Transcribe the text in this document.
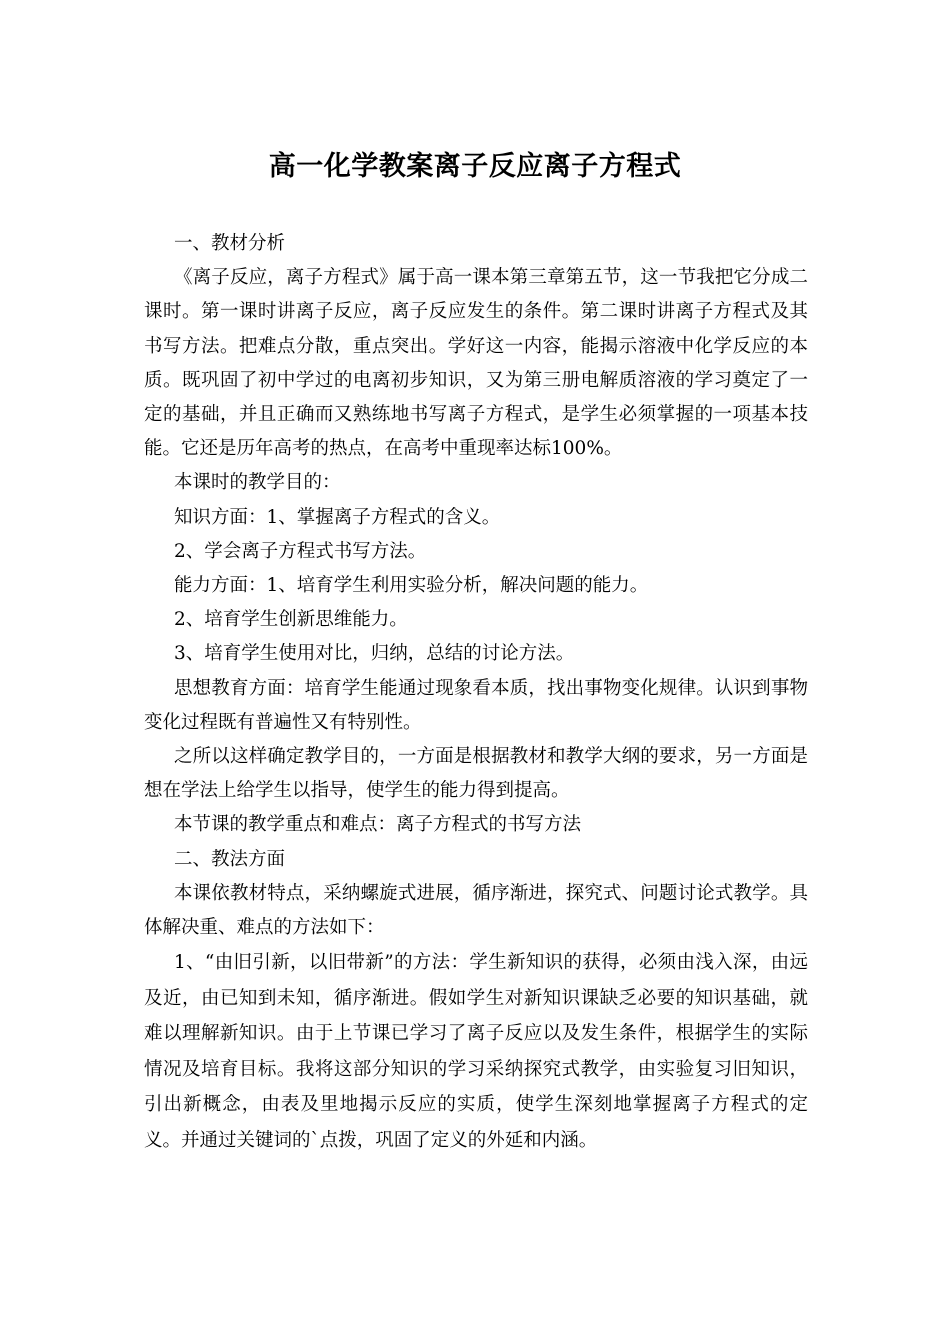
高一化学教案离子反应离子方程式

一、教材分析

《离子反应，离子方程式》属于高一课本第三章第五节，这一节我把它分成二课时。第一课时讲离子反应，离子反应发生的条件。第二课时讲离子方程式及其书写方法。把难点分散，重点突出。学好这一内容，能揭示溶液中化学反应的本质。既巩固了初中学过的电离初步知识，又为第三册电解质溶液的学习奠定了一定的基础，并且正确而又熟练地书写离子方程式，是学生必须掌握的一项基本技能。它还是历年高考的热点，在高考中重现率达标100%。

本课时的教学目的：

知识方面：1、掌握离子方程式的含义。

2、学会离子方程式书写方法。

能力方面：1、培育学生利用实验分析，解决问题的能力。

2、培育学生创新思维能力。

3、培育学生使用对比，归纳，总结的讨论方法。

思想教育方面：培育学生能通过现象看本质，找出事物变化规律。认识到事物变化过程既有普遍性又有特别性。

之所以这样确定教学目的，一方面是根据教材和教学大纲的要求，另一方面是想在学法上给学生以指导，使学生的能力得到提高。

本节课的教学重点和难点：离子方程式的书写方法

二、教法方面

本课依教材特点，采纳螺旋式进展，循序渐进，探究式、问题讨论式教学。具体解决重、难点的方法如下：

1、“由旧引新，以旧带新”的方法：学生新知识的获得，必须由浅入深，由远及近，由已知到未知，循序渐进。假如学生对新知识课缺乏必要的知识基础，就难以理解新知识。由于上节课已学习了离子反应以及发生条件，根据学生的实际情况及培育目标。我将这部分知识的学习采纳探究式教学，由实验复习旧知识，引出新概念，由表及里地揭示反应的实质，使学生深刻地掌握离子方程式的定义。并通过关键词的`点拨，巩固了定义的外延和内涵。
